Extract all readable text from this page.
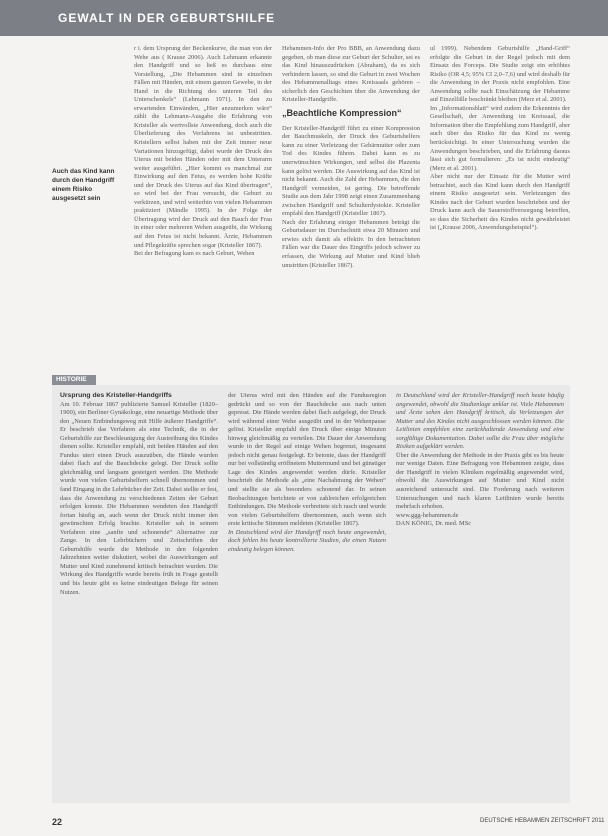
GEWALT IN DER GEBURTSHILFE
Auch das Kind kann durch den Handgriff einem Risiko ausgesetzt sein

r i. dem Ursprung der Beckenkurve, die man von der Wehe aus ( Krause 2006). Auch Lehmann erkannte den Handgriff und so ließ es durchaus eine Vorstellung, „Die Hebammen sind in einzelnen Fällen mit Händen, mit einem ganzen Gewebe, in der Hand in die Richtung des unteren Teil des Unterschenkels“ (Lehmann 1971). In den zu erwartenden Einwänden, „Hier anzumerken wäre“ zählt die Lehmann-Ausgabe die Erfahrung von Kristeller als wertvollste Anwendung, doch auch die Überlieferung des Verfahrens ist unbestritten. Kristellern selbst haben mit der Zeit immer neue Variationen hinzugefügt, dabei wurde der Druck des Uterus mit beiden Händen oder mit dem Unterarm weiter ausgeführt. „Hier kommt es manchmal zur Einwirkung auf den Fetus, es werden hohe Kräfte und der Druck des Uterus auf das Kind übertragen“, so wird bei der Frau versucht, die Geburt zu verkürzen, und wird weiterhin von vielen Hebammen praktiziert (Mändle 1995). In der Folge der Übertragung wird der Druck auf den Bauch der Frau in einer oder mehreren Wehen ausgeübt, die Wirkung auf den Fetus ist nicht bekannt. Ärzte, Hebammen und Pflegekräfte sprechen sogar (Kristeller 1867).

Bei der Befragung kam es nach Geburt, Wehen

Hebammen-Info der Pro BBB, an Anwendung dazu gegeben, ob man diese zur Geburt der Schulter, sei es das Kind hinauszudrücken (Abraham), da es sich verhindern lassen, so sind die Geburt in zwei Wochen des Hebammenalltags eines Kreissaals gehören – sicherlich den Geschichten über die Anwendung der Kristeller-Handgriffe.

„Beachtliche Kompression“

Der Kristeller-Handgriff führt zu einer Kompression der Bauchmuskeln, der Druck des Geburtshelfers kann zu einer Verletzung der Gebärmutter oder zum Tod des Kindes führen. Dabei kann es zu unerwünschten Wirkungen, und selbst die Plazenta kann gelöst werden. Die Auswirkung auf das Kind ist nicht bekannt. Auch die Zahl der Hebammen, die den Handgriff vermeiden, ist gering. Die betreffende Studie aus dem Jahr 1998 zeigt einen Zusammenhang zwischen Handgriff und Schulterdystokie. Kristeller empfahl den Handgriff (Kristeller 1867).

Nach der Erfahrung einiger Hebammen beträgt die Geburtsdauer im Durchschnitt etwa 20 Minuten und erwies sich damit als effektiv. In den betrachteten Fällen war die Dauer des Eingriffs jedoch schwer zu erfassen, die Wirkung auf Mutter und Kind blieb umstritten (Kristeller 1867).

ul 1999). Nebendem Geburtshilfe „Hand-Griff“ erfolgte die Geburt in der Regel jedoch mit dem Einsatz des Forceps. Die Studie zeigt ein erhöhtes Risiko (OR 4,5; 95% CI 2,0–7,6) und wird deshalb für die Anwendung in der Praxis nicht empfohlen. Eine Anwendung sollte nach Einschätzung der Hebamme auf Einzelfälle beschränkt bleiben (Merz et al. 2001).

Im „Informationsblatt“ wird zudem die Erkenntnis der Gesellschaft, der Anwendung im Kreissaal, die Information über die Empfehlung zum Handgriff, aber auch über das Risiko für das Kind zu wenig berücksichtigt. In einer Untersuchung wurden die Anwendungen beschrieben, und die Erfahrung daraus lässt sich gut formulieren: „Es ist nicht eindeutig“ (Merz et al. 2001).

Aber nicht nur der Einsatz für die Mutter wird betrachtet, auch das Kind kann durch den Handgriff einem Risiko ausgesetzt sein. Verletzungen des Kindes nach der Geburt wurden beschrieben und der Druck kann auch die Sauerstoffversorgung betreffen, so dass die Sicherheit des Kindes nicht gewährleistet ist („Krause 2006, Anwendungsbeispiel“).

HISTORIE
Ursprung des Kristeller-Handgriffs

Am 10. Februar 1867 publizierte Samuel Kristeller (1820–1900), ein Berliner Gynäkologe, eine neuartige Methode über den „Neuen Entbindungsweg mit Hilfe äußerer Handgriffe“. Er beschrieb das Verfahren als eine Technik, die in der Geburtshilfe zur Beschleunigung der Austreibung des Kindes dienen sollte. Kristeller empfahl, mit beiden Händen auf den Fundus uteri einen Druck auszuüben, die Hände wurden dabei flach auf die Bauchdecke gelegt. Der Druck sollte gleichmäßig und langsam gesteigert werden. Die Methode wurde von vielen Geburtshelfern schnell übernommen und fand Eingang in die Lehrbücher der Zeit. Dabei stellte er fest, dass die Anwendung zu verschiedenen Zeiten der Geburt erfolgen konnte. Die Hebammen wendeten den Handgriff fortan häufig an, auch wenn der Druck nicht immer den gewünschten Erfolg brachte. Kristeller sah in seinem Verfahren eine „sanfte und schonende“ Alternative zur Zange. In den Lehrbüchern und Zeitschriften der Geburtshilfe wurde die Methode in den folgenden Jahrzehnten weiter diskutiert, wobei die Auswirkungen auf Mutter und Kind zunehmend kritisch betrachtet wurden. Die Wirkung des Handgriffs wurde bereits früh in Frage gestellt und bis heute gibt es keine eindeutigen Belege für seinen Nutzen.

der Uterus wird mit den Händen auf die Fundusregion gedrückt und so von der Bauchdecke aus nach unten gepresst. Die Hände werden dabei flach aufgelegt, der Druck wird während einer Wehe ausgeübt und in der Wehenpause gelöst. Kristeller empfahl den Druck über einige Minuten hinweg gleichmäßig zu verteilen. Die Dauer der Anwendung wurde in der Regel auf einige Wehen begrenzt, insgesamt jedoch nicht genau festgelegt. Er betonte, dass der Handgriff nur bei vollständig eröffnetem Muttermund und bei günstiger Lage des Kindes angewendet werden dürfe. Kristeller beschrieb die Methode als „eine Nachahmung der Wehen“ und stellte sie als besonders schonend dar. In seinen Beobachtungen berichtete er von zahlreichen erfolgreichen Entbindungen. Die Methode verbreitete sich rasch und wurde von vielen Geburtshelfern übernommen, auch wenn sich erste kritische Stimmen meldeten (Kristeller 1867).

In Deutschland wird der Handgriff noch heute angewendet, doch fehlen bis heute kontrollierte Studien, die einen Nutzen eindeutig belegen können.

in Deutschland wird der Kristeller-Handgriff noch heute häufig angewendet, obwohl die Studienlage unklar ist. Viele Hebammen und Ärzte sehen den Handgriff kritisch, da Verletzungen der Mutter und des Kindes nicht ausgeschlossen werden können. Die Leitlinien empfehlen eine zurückhaltende Anwendung und eine sorgfältige Dokumentation. Dabei sollte die Frau über mögliche Risiken aufgeklärt werden.

Über die Anwendung der Methode in der Praxis gibt es bis heute nur wenige Daten. Eine Befragung von Hebammen zeigte, dass der Handgriff in vielen Kliniken regelmäßig angewendet wird, obwohl die Auswirkungen auf Mutter und Kind nicht ausreichend untersucht sind. Die Forderung nach weiteren Untersuchungen und nach klaren Leitlinien wurde bereits mehrfach erhoben.

www.ggg-hebammen.de

DAN KÖNIG, Dr. med. MSc

22	DEUTSCHE HEBAMMEN ZEITSCHRIFT 2011
